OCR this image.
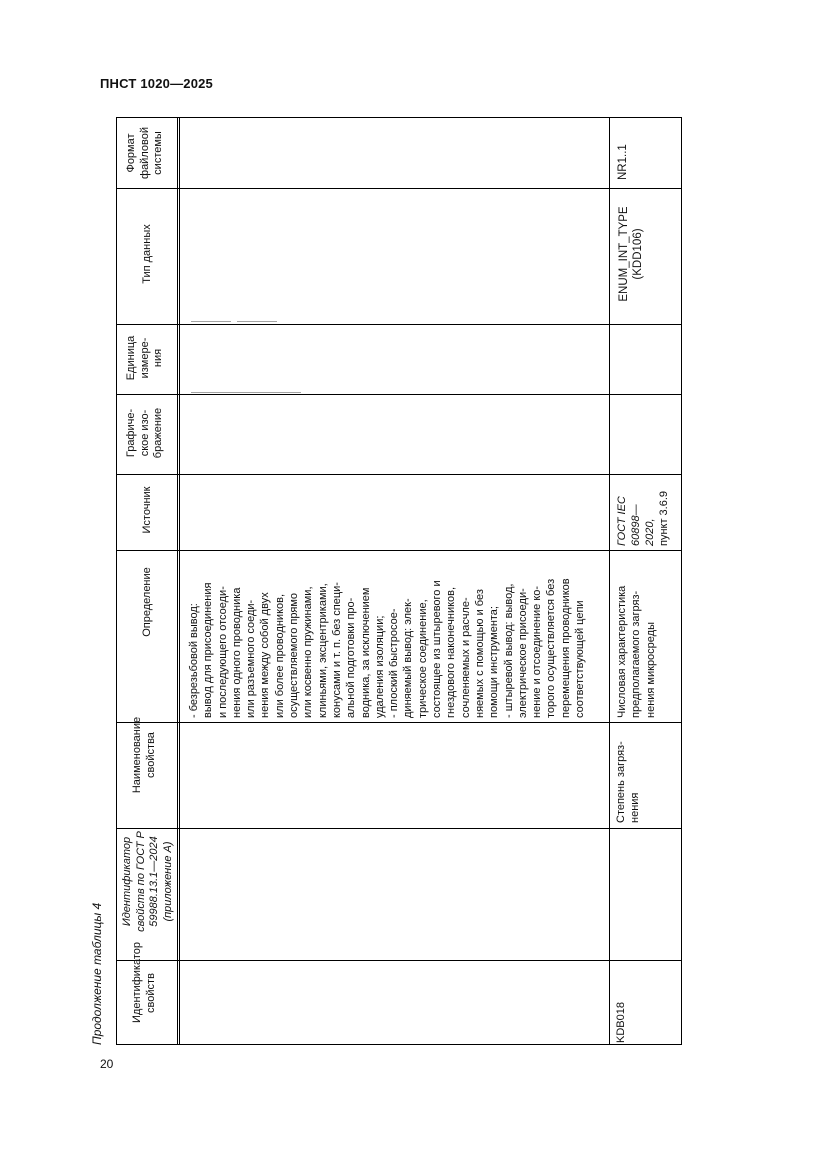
ПНСТ 1020—2025
20
Продолжение таблицы 4 Идентификатор свойств
Идентификатор свойств по ГОСТ Р 59988.13.1—2024 (приложение А)
Наименование свойства
Определение
Источник
Графиче- ское изо- бражение
Единица измере- ния
Тип данных
Формат файловой системы
- безрезьбовой вывод: вывод для присоединения и последующего отсоеди- нения одного проводника или разъемного соеди- нения между собой двух или более проводников, осуществляемого прямо или косвенно пружинами, клиньями, эксцентриками, конусами и т. п. без специ- альной подготовки про- водника, за исключением удаления изоляции; - плоский быстросое- диняемый вывод: элек- трическое соединение, состоящее из штыревого и гнездового наконечников, сочленяемых и расчле- няемых с помощью и без помощи инструмента; - штыревой вывод: вывод, электрическое присоеди- нение и отсоединение ко- торого осуществляется без перемещения проводников соответствующей цепи
KDB018
Степень загряз- нения
Числовая характеристика предполагаемого загряз- нения микросреды
ГОСТ IEC 60898— 2020, пункт 3.6.9
ENUM_INT_TYPE (KDD106)
NR1..1
